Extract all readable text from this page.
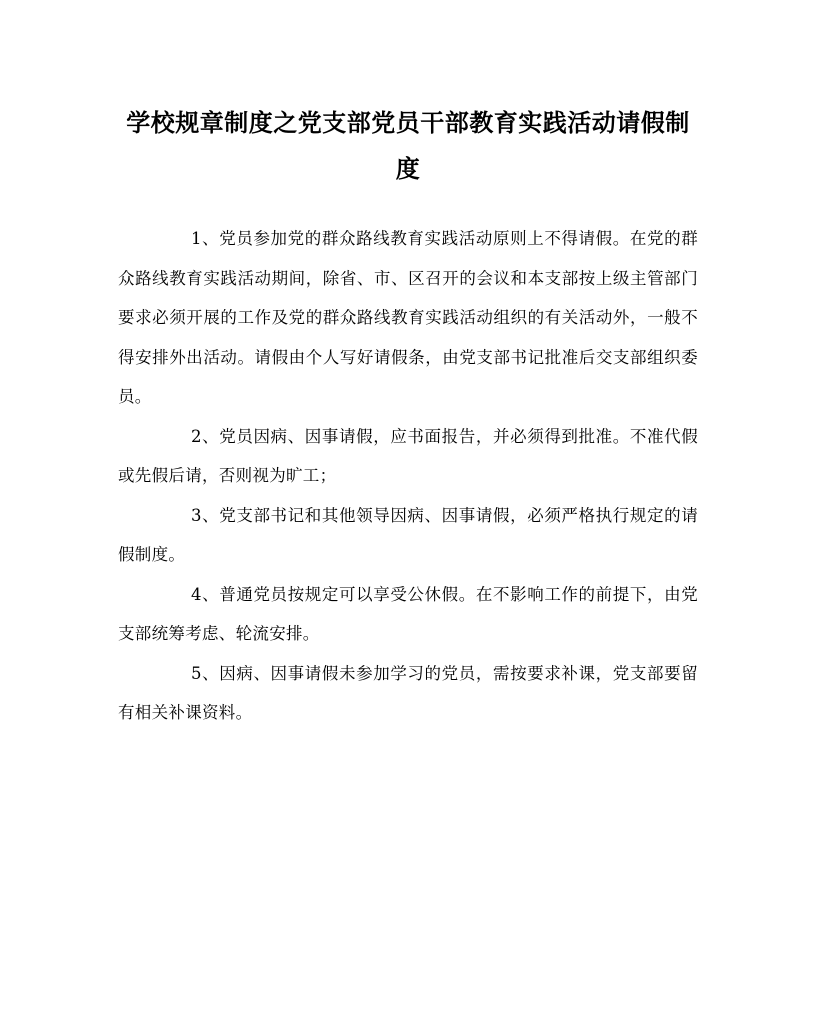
学校规章制度之党支部党员干部教育实践活动请假制度

1、党员参加党的群众路线教育实践活动原则上不得请假。在党的群众路线教育实践活动期间，除省、市、区召开的会议和本支部按上级主管部门要求必须开展的工作及党的群众路线教育实践活动组织的有关活动外，一般不得安排外出活动。请假由个人写好请假条，由党支部书记批准后交支部组织委员。

2、党员因病、因事请假，应书面报告，并必须得到批准。不准代假或先假后请，否则视为旷工；

3、党支部书记和其他领导因病、因事请假，必须严格执行规定的请假制度。

4、普通党员按规定可以享受公休假。在不影响工作的前提下，由党支部统筹考虑、轮流安排。

5、因病、因事请假未参加学习的党员，需按要求补课，党支部要留有相关补课资料。
